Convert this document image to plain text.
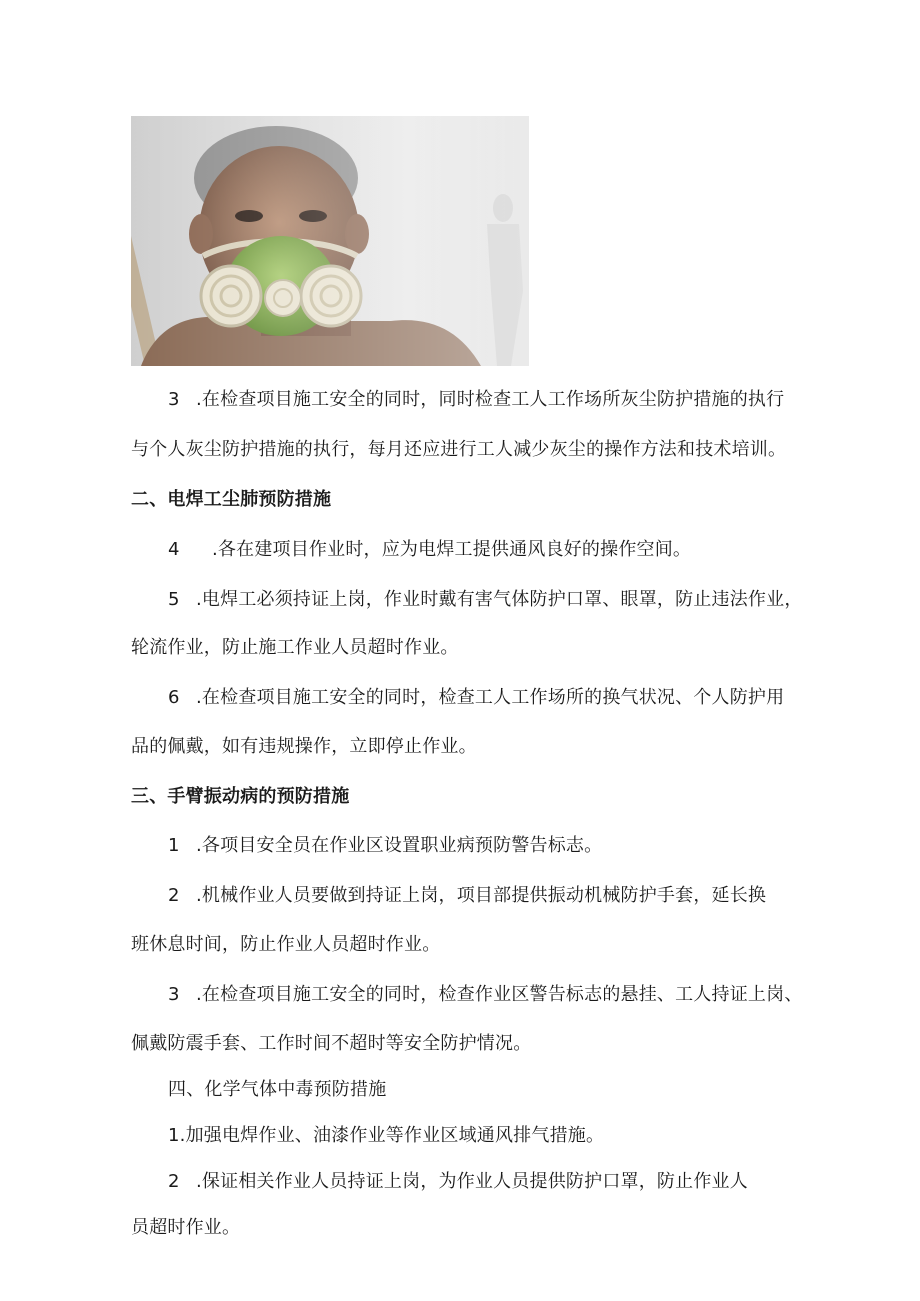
3 .在检查项目施工安全的同时，同时检查工人工作场所灰尘防护措施的执行

与个人灰尘防护措施的执行，每月还应进行工人减少灰尘的操作方法和技术培训。

二、电焊工尘肺预防措施

4 .各在建项目作业时，应为电焊工提供通风良好的操作空间。

5 .电焊工必须持证上岗，作业时戴有害气体防护口罩、眼罩，防止违法作业，

轮流作业，防止施工作业人员超时作业。

6 .在检查项目施工安全的同时，检查工人工作场所的换气状况、个人防护用

品的佩戴，如有违规操作，立即停止作业。

三、手臂振动病的预防措施

1 .各项目安全员在作业区设置职业病预防警告标志。

2 .机械作业人员要做到持证上岗，项目部提供振动机械防护手套，延长换

班休息时间，防止作业人员超时作业。

3 .在检查项目施工安全的同时，检查作业区警告标志的悬挂、工人持证上岗、

佩戴防震手套、工作时间不超时等安全防护情况。

四、化学气体中毒预防措施

1.加强电焊作业、油漆作业等作业区域通风排气措施。

2 .保证相关作业人员持证上岗，为作业人员提供防护口罩，防止作业人

员超时作业。
